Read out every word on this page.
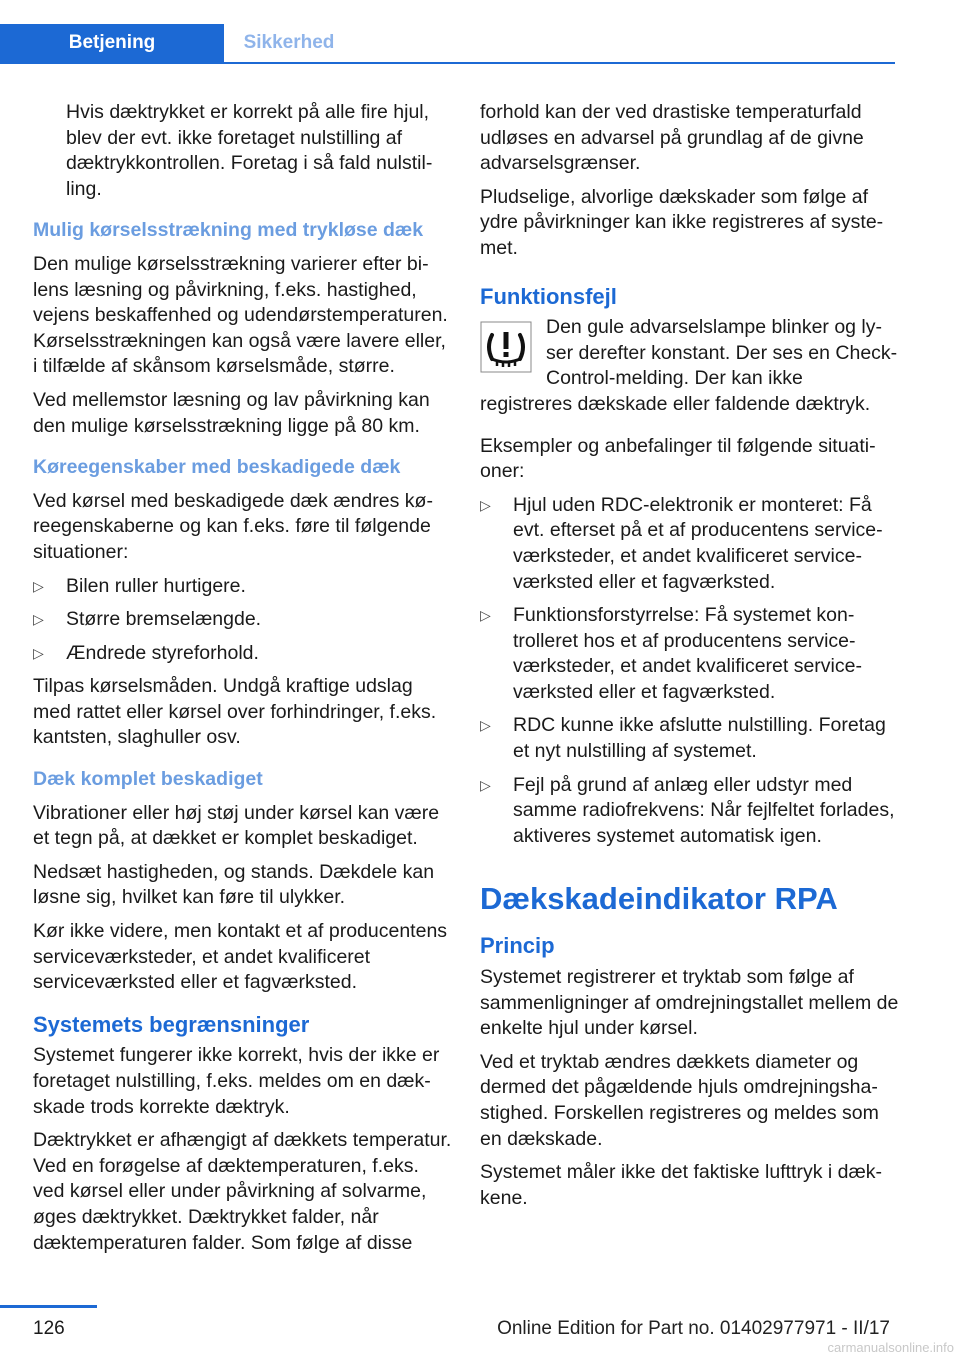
Betjening	Sikkerhed

Hvis dæktrykket er korrekt på alle fire hjul, blev der evt. ikke foretaget nulstilling af dæktrykkontrollen. Foretag i så fald nulstilling.

Mulig kørselsstrækning med trykløse dæk

Den mulige kørselsstrækning varierer efter bilens læsning og påvirkning, f.eks. hastighed, vejens beskaffenhed og udendørstemperaturen. Kørselsstrækningen kan også være lavere eller, i tilfælde af skånsom kørselsmåde, større.

Ved mellemstor læsning og lav påvirkning kan den mulige kørselsstrækning ligge på 80 km.

Køreegenskaber med beskadigede dæk

Ved kørsel med beskadigede dæk ændres køreegenskaberne og kan f.eks. føre til følgende situationer:

▷ Bilen ruller hurtigere.
▷ Større bremselængde.
▷ Ændrede styreforhold.

Tilpas kørselsmåden. Undgå kraftige udslag med rattet eller kørsel over forhindringer, f.eks. kantsten, slaghuller osv.

Dæk komplet beskadiget

Vibrationer eller høj støj under kørsel kan være et tegn på, at dækket er komplet beskadiget.

Nedsæt hastigheden, og stands. Dækdele kan løsne sig, hvilket kan føre til ulykker.

Kør ikke videre, men kontakt et af producentens serviceværksteder, et andet kvalificeret serviceværksted eller et fagværksted.

Systemets begrænsninger

Systemet fungerer ikke korrekt, hvis der ikke er foretaget nulstilling, f.eks. meldes om en dækskade trods korrekte dæktryk.

Dæktrykket er afhængigt af dækkets temperatur. Ved en forøgelse af dæktemperaturen, f.eks. ved kørsel eller under påvirkning af solvarme, øges dæktrykket. Dæktrykket falder, når dæktemperaturen falder. Som følge af disse

forhold kan der ved drastiske temperaturfald udløses en advarsel på grundlag af de givne advarselsgrænser.

Pludselige, alvorlige dækskader som følge af ydre påvirkninger kan ikke registreres af systemet.

Funktionsfejl

Den gule advarselslampe blinker og lyser derefter konstant. Der ses en Check-Control-melding. Der kan ikke

registreres dækskade eller faldende dæktryk.

Eksempler og anbefalinger til følgende situationer:

▷ Hjul uden RDC-elektronik er monteret: Få evt. efterset på et af producentens serviceværksteder, et andet kvalificeret serviceværksted eller et fagværksted.
▷ Funktionsforstyrrelse: Få systemet kontrolleret hos et af producentens serviceværksteder, et andet kvalificeret serviceværksted eller et fagværksted.
▷ RDC kunne ikke afslutte nulstilling. Foretag et nyt nulstilling af systemet.
▷ Fejl på grund af anlæg eller udstyr med samme radiofrekvens: Når fejlfeltet forlades, aktiveres systemet automatisk igen.
Dækskadeindikator RPA
Princip

Systemet registrerer et tryktab som følge af sammenligninger af omdrejningstallet mellem de enkelte hjul under kørsel.

Ved et tryktab ændres dækkets diameter og dermed det pågældende hjuls omdrejningshastighed. Forskellen registreres og meldes som en dækskade.

Systemet måler ikke det faktiske lufttryk i dækkene.

126	Online Edition for Part no. 01402977971 - II/17
carmanualsonline.info
